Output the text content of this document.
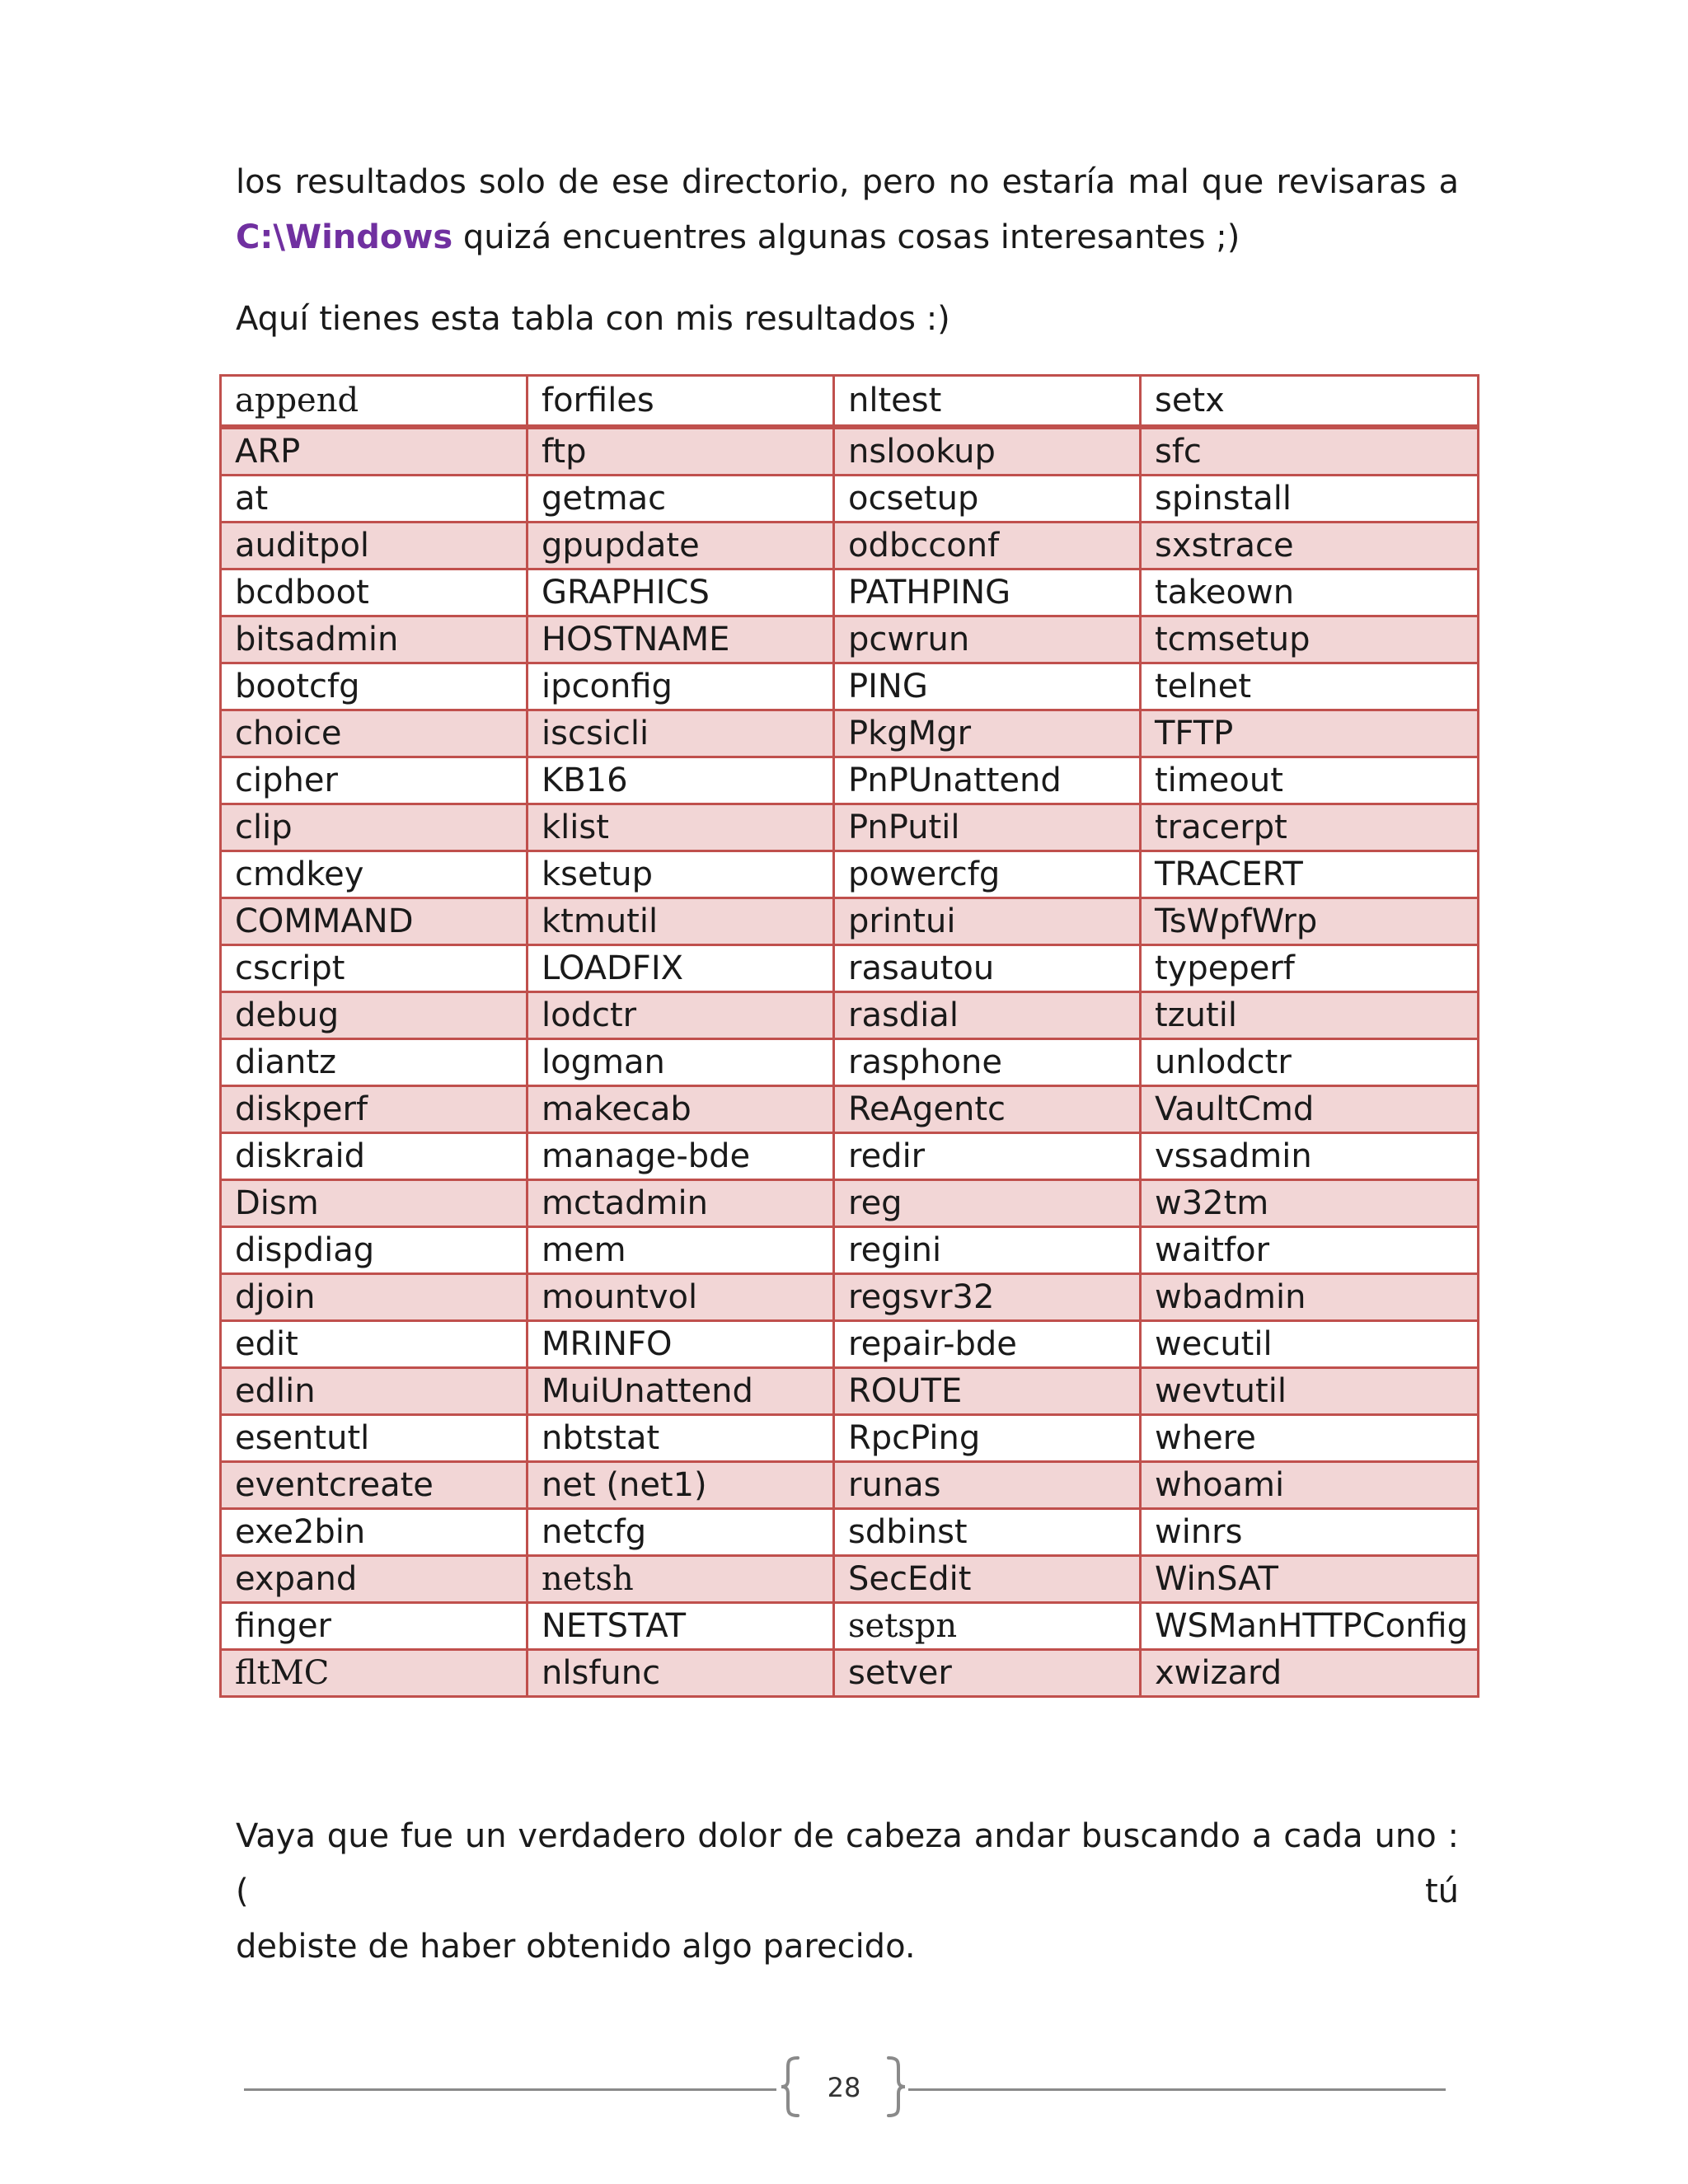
los resultados solo de ese directorio, pero no estaría mal que revisaras a
C:\Windows quizá encuentres algunas cosas interesantes ;)

Aquí tienes esta tabla con mis resultados :)

append	forfiles	nltest	setx
ARP	ftp	nslookup	sfc
at	getmac	ocsetup	spinstall
auditpol	gpupdate	odbcconf	sxstrace
bcdboot	GRAPHICS	PATHPING	takeown
bitsadmin	HOSTNAME	pcwrun	tcmsetup
bootcfg	ipconfig	PING	telnet
choice	iscsicli	PkgMgr	TFTP
cipher	KB16	PnPUnattend	timeout
clip	klist	PnPutil	tracerpt
cmdkey	ksetup	powercfg	TRACERT
COMMAND	ktmutil	printui	TsWpfWrp
cscript	LOADFIX	rasautou	typeperf
debug	lodctr	rasdial	tzutil
diantz	logman	rasphone	unlodctr
diskperf	makecab	ReAgentc	VaultCmd
diskraid	manage-bde	redir	vssadmin
Dism	mctadmin	reg	w32tm
dispdiag	mem	regini	waitfor
djoin	mountvol	regsvr32	wbadmin
edit	MRINFO	repair-bde	wecutil
edlin	MuiUnattend	ROUTE	wevtutil
esentutl	nbtstat	RpcPing	where
eventcreate	net (net1)	runas	whoami
exe2bin	netcfg	sdbinst	winrs
expand	netsh	SecEdit	WinSAT
finger	NETSTAT	setspn	WSManHTTPConfig
fltMC	nlsfunc	setver	xwizard

Vaya que fue un verdadero dolor de cabeza andar buscando a cada uno :( tú
debiste de haber obtenido algo parecido.

28
